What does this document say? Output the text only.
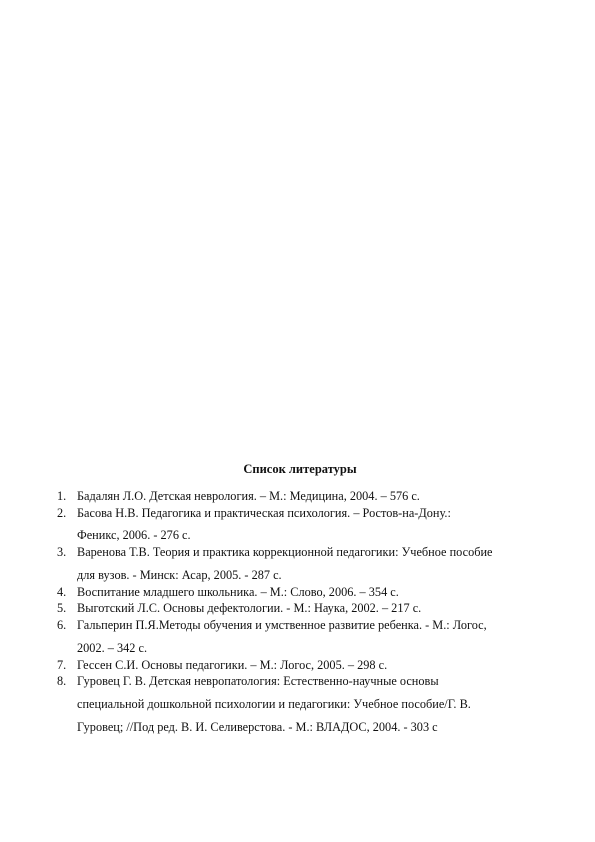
Список литературы
1. Бадалян Л.О. Детская неврология. – М.: Медицина, 2004. – 576 с.
2. Басова Н.В. Педагогика и практическая психология. – Ростов-на-Дону.:
Феникс, 2006. - 276 с.
3. Варенова Т.В. Теория и практика коррекционной педагогики: Учебное пособие
для вузов. - Минск: Асар, 2005. - 287 с.
4. Воспитание младшего школьника. – М.: Слово, 2006. – 354 с.
5. Выготский Л.С. Основы дефектологии. - М.: Наука, 2002. – 217 с.
6. Гальперин П.Я.Методы обучения и умственное развитие ребенка. - М.: Логос,
2002. – 342 с.
7. Гессен С.И. Основы педагогики. – М.: Логос, 2005. – 298 с.
8. Гуровец Г. В. Детская невропатология: Естественно-научные основы
специальной дошкольной психологии и педагогики: Учебное пособие/Г. В.
Гуровец; //Под ред. В. И. Селиверстова. - М.: ВЛАДОС, 2004. - 303 с
